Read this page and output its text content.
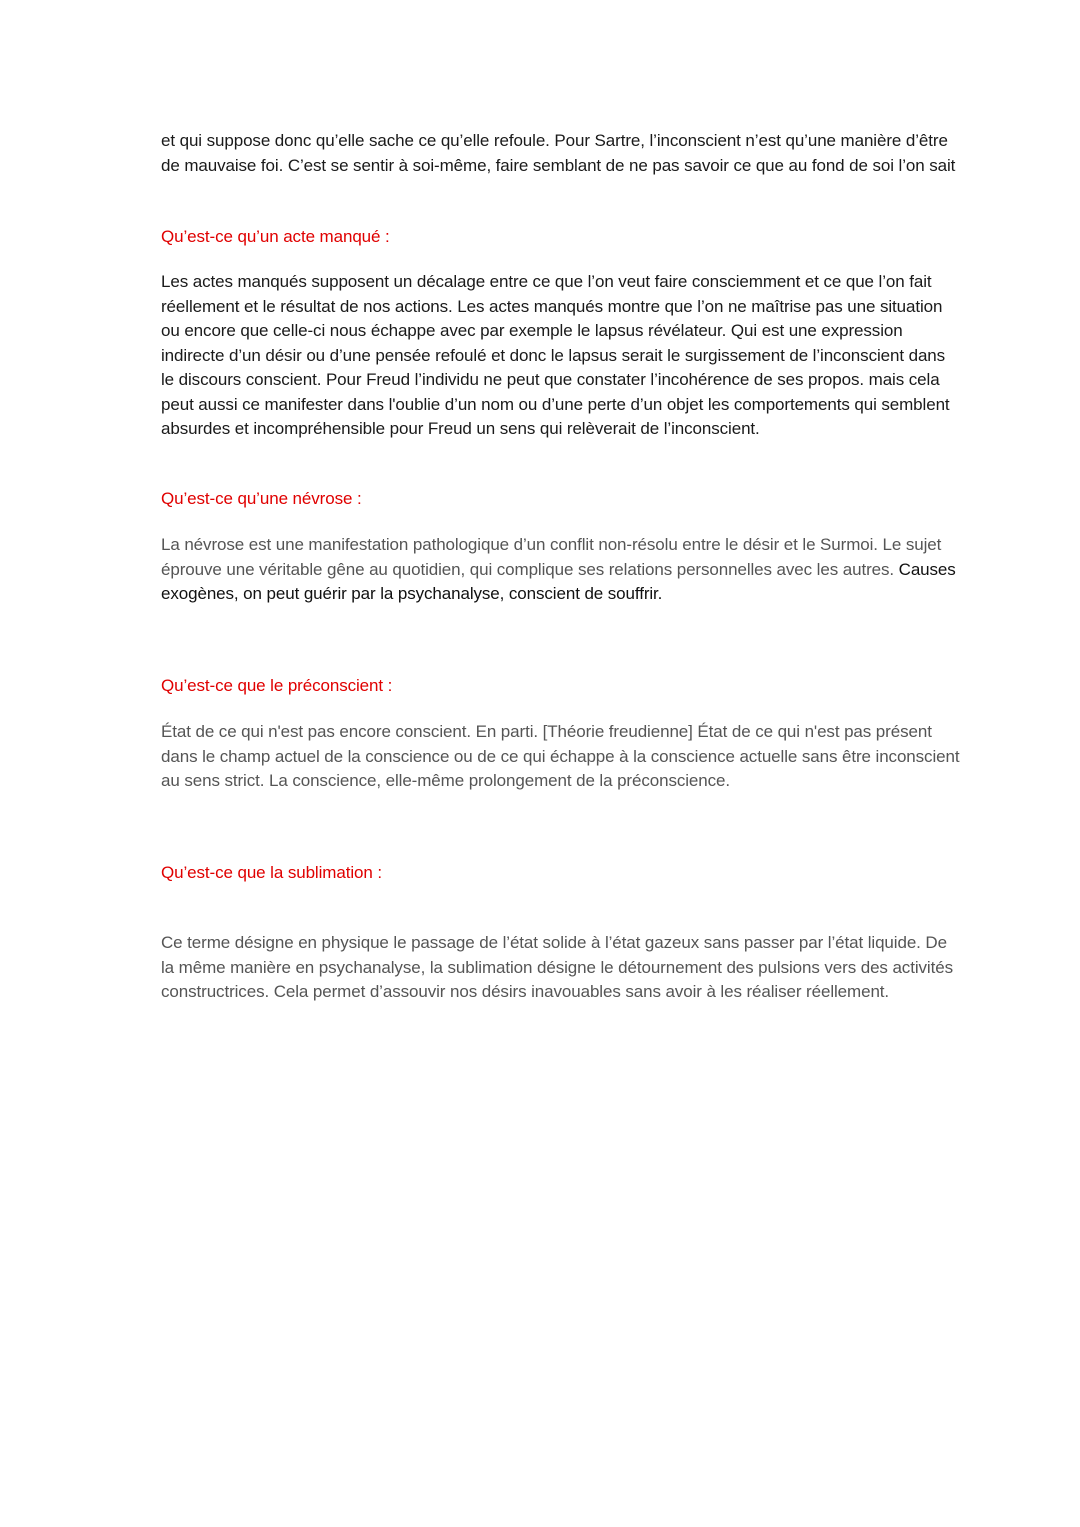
et qui suppose donc qu’elle sache ce qu’elle refoule. Pour Sartre, l’inconscient n’est qu’une manière d’être de mauvaise foi. C’est se sentir à soi-même, faire semblant de ne pas savoir ce que au fond de soi l’on sait

Qu’est-ce qu’un acte manqué :

Les actes manqués supposent un décalage entre ce que l’on veut faire consciemment et ce que l’on fait réellement et le résultat de nos actions. Les actes manqués montre que l’on ne maîtrise pas une situation ou encore que celle-ci nous échappe avec par exemple le lapsus révélateur. Qui est une expression indirecte d’un désir ou d’une pensée refoulé et donc le lapsus serait le surgissement de l’inconscient dans le discours conscient. Pour Freud l’individu ne peut que constater l’incohérence de ses propos. mais cela peut aussi ce manifester dans l'oublie d’un nom ou d’une perte d’un objet les comportements qui semblent absurdes et incompréhensible pour Freud un sens qui relèverait de l’inconscient.

Qu’est-ce qu’une névrose :

La névrose est une manifestation pathologique d’un conflit non-résolu entre le désir et le Surmoi. Le sujet éprouve une véritable gêne au quotidien, qui complique ses relations personnelles avec les autres. Causes exogènes, on peut guérir par la psychanalyse, conscient de souffrir.

Qu’est-ce que le préconscient :

État de ce qui n'est pas encore conscient. En parti. [Théorie freudienne] État de ce qui n'est pas présent dans le champ actuel de la conscience ou de ce qui échappe à la conscience actuelle sans être inconscient au sens strict. La conscience, elle-même prolongement de la préconscience.

Qu’est-ce que la sublimation :

Ce terme désigne en physique le passage de l’état solide à l’état gazeux sans passer par l’état liquide. De la même manière en psychanalyse, la sublimation désigne le détournement des pulsions vers des activités constructrices. Cela permet d’assouvir nos désirs inavouables sans avoir à les réaliser réellement.
